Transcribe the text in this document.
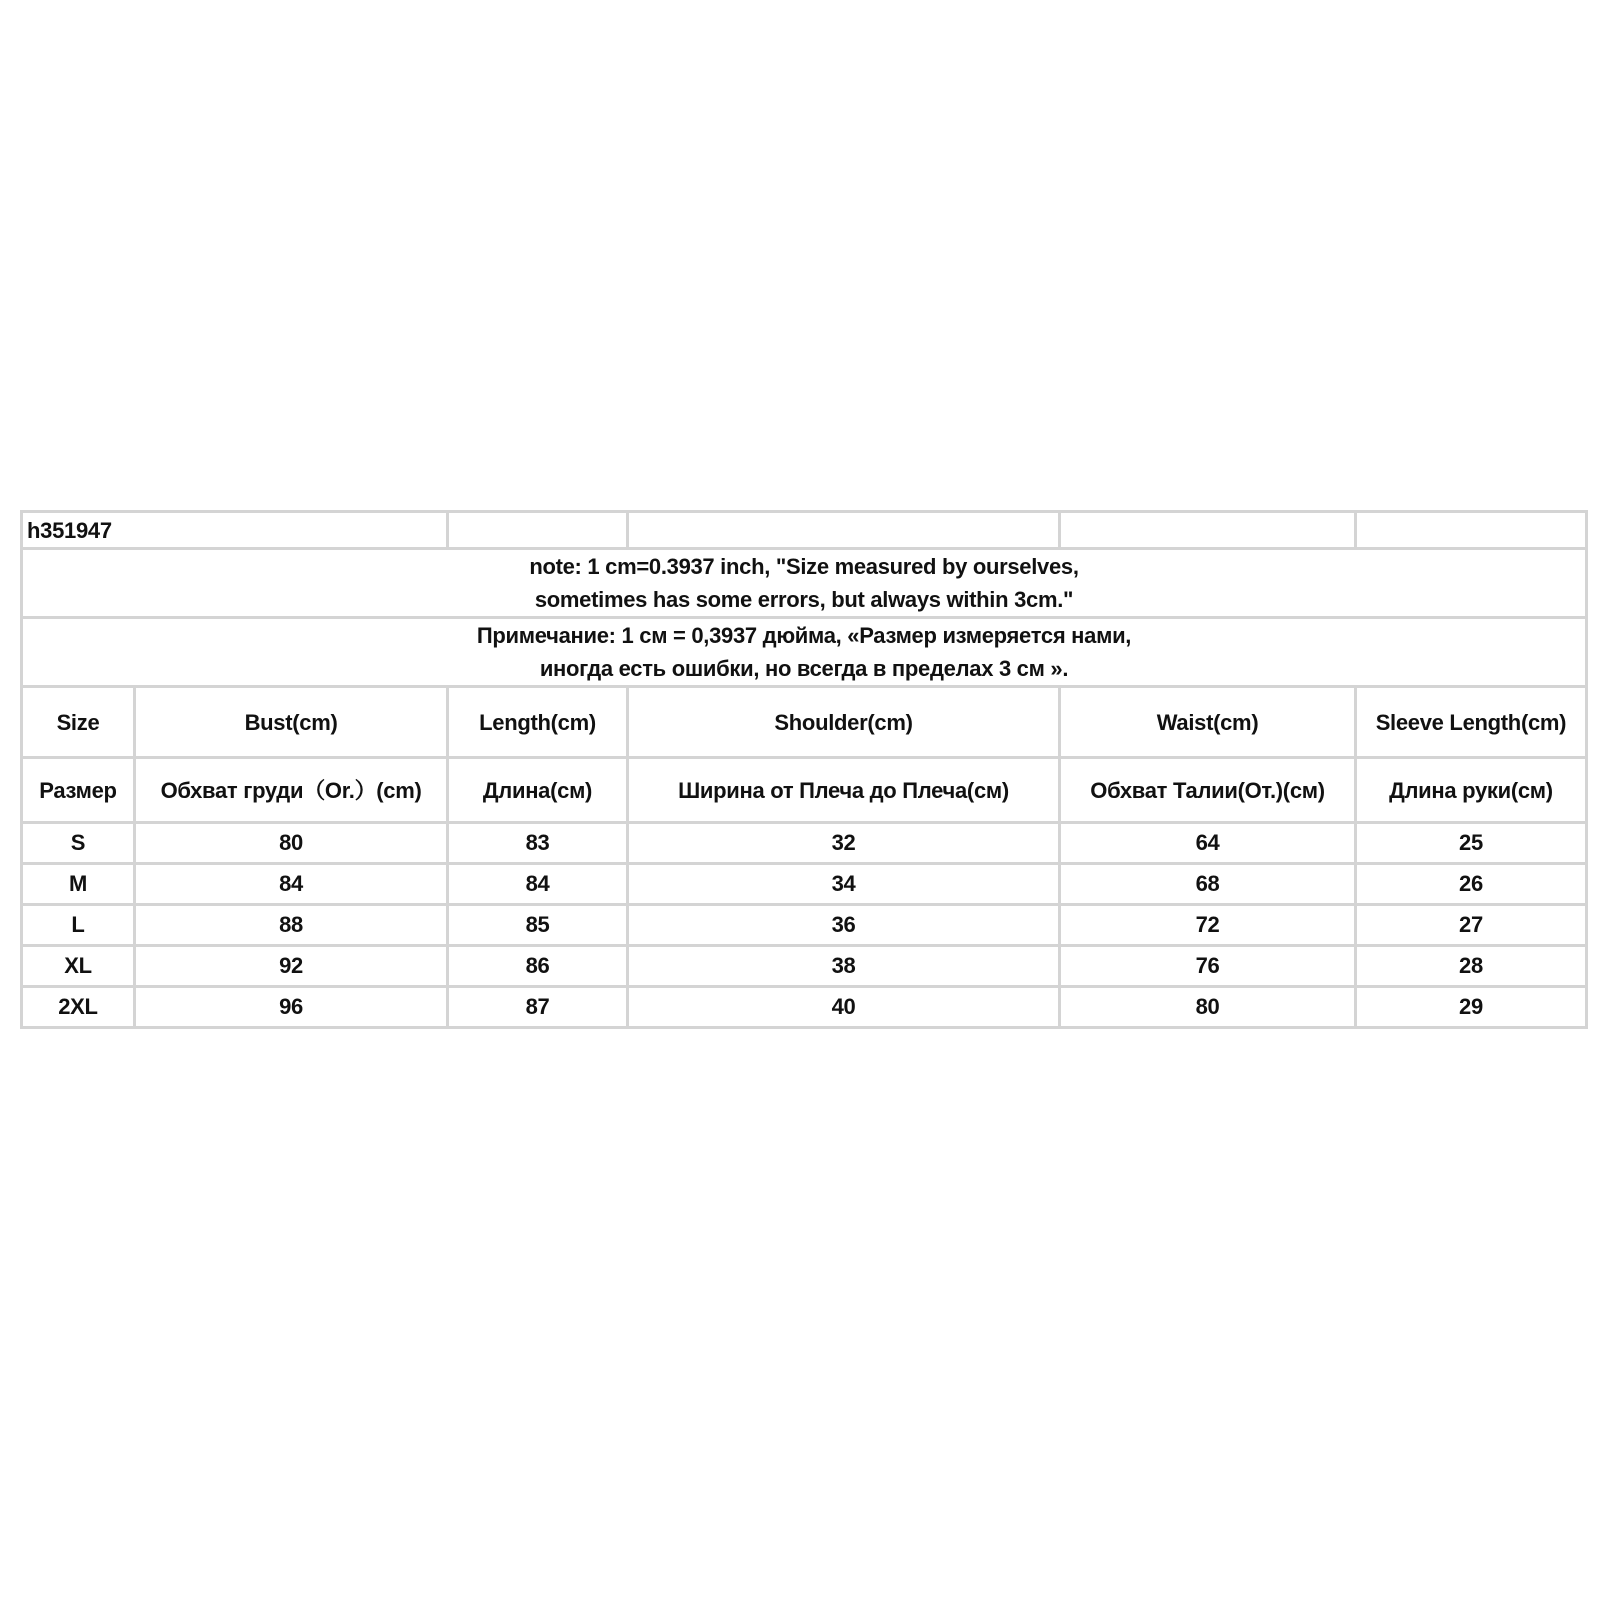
h351947					

note: 1 cm=0.3937 inch, "Size measured by ourselves,
sometimes has some errors, but always within 3cm."					

Примечание: 1 см = 0,3937 дюйма, «Размер измеряется нами,
иногда есть ошибки, но всегда в пределах 3 см ».					

Size	Bust(cm)	Length(cm)	Shoulder(cm)	Waist(cm)	Sleeve Length(cm)
Размер	Обхват груди（Or.）(cm)	Длина(см)	Ширина от Плеча до Плеча(см)	Обхват Талии(От.)(см)	Длина руки(см)
S	80	83	32	64	25
M	84	84	34	68	26
L	88	85	36	72	27
XL	92	86	38	76	28
2XL	96	87	40	80	29
